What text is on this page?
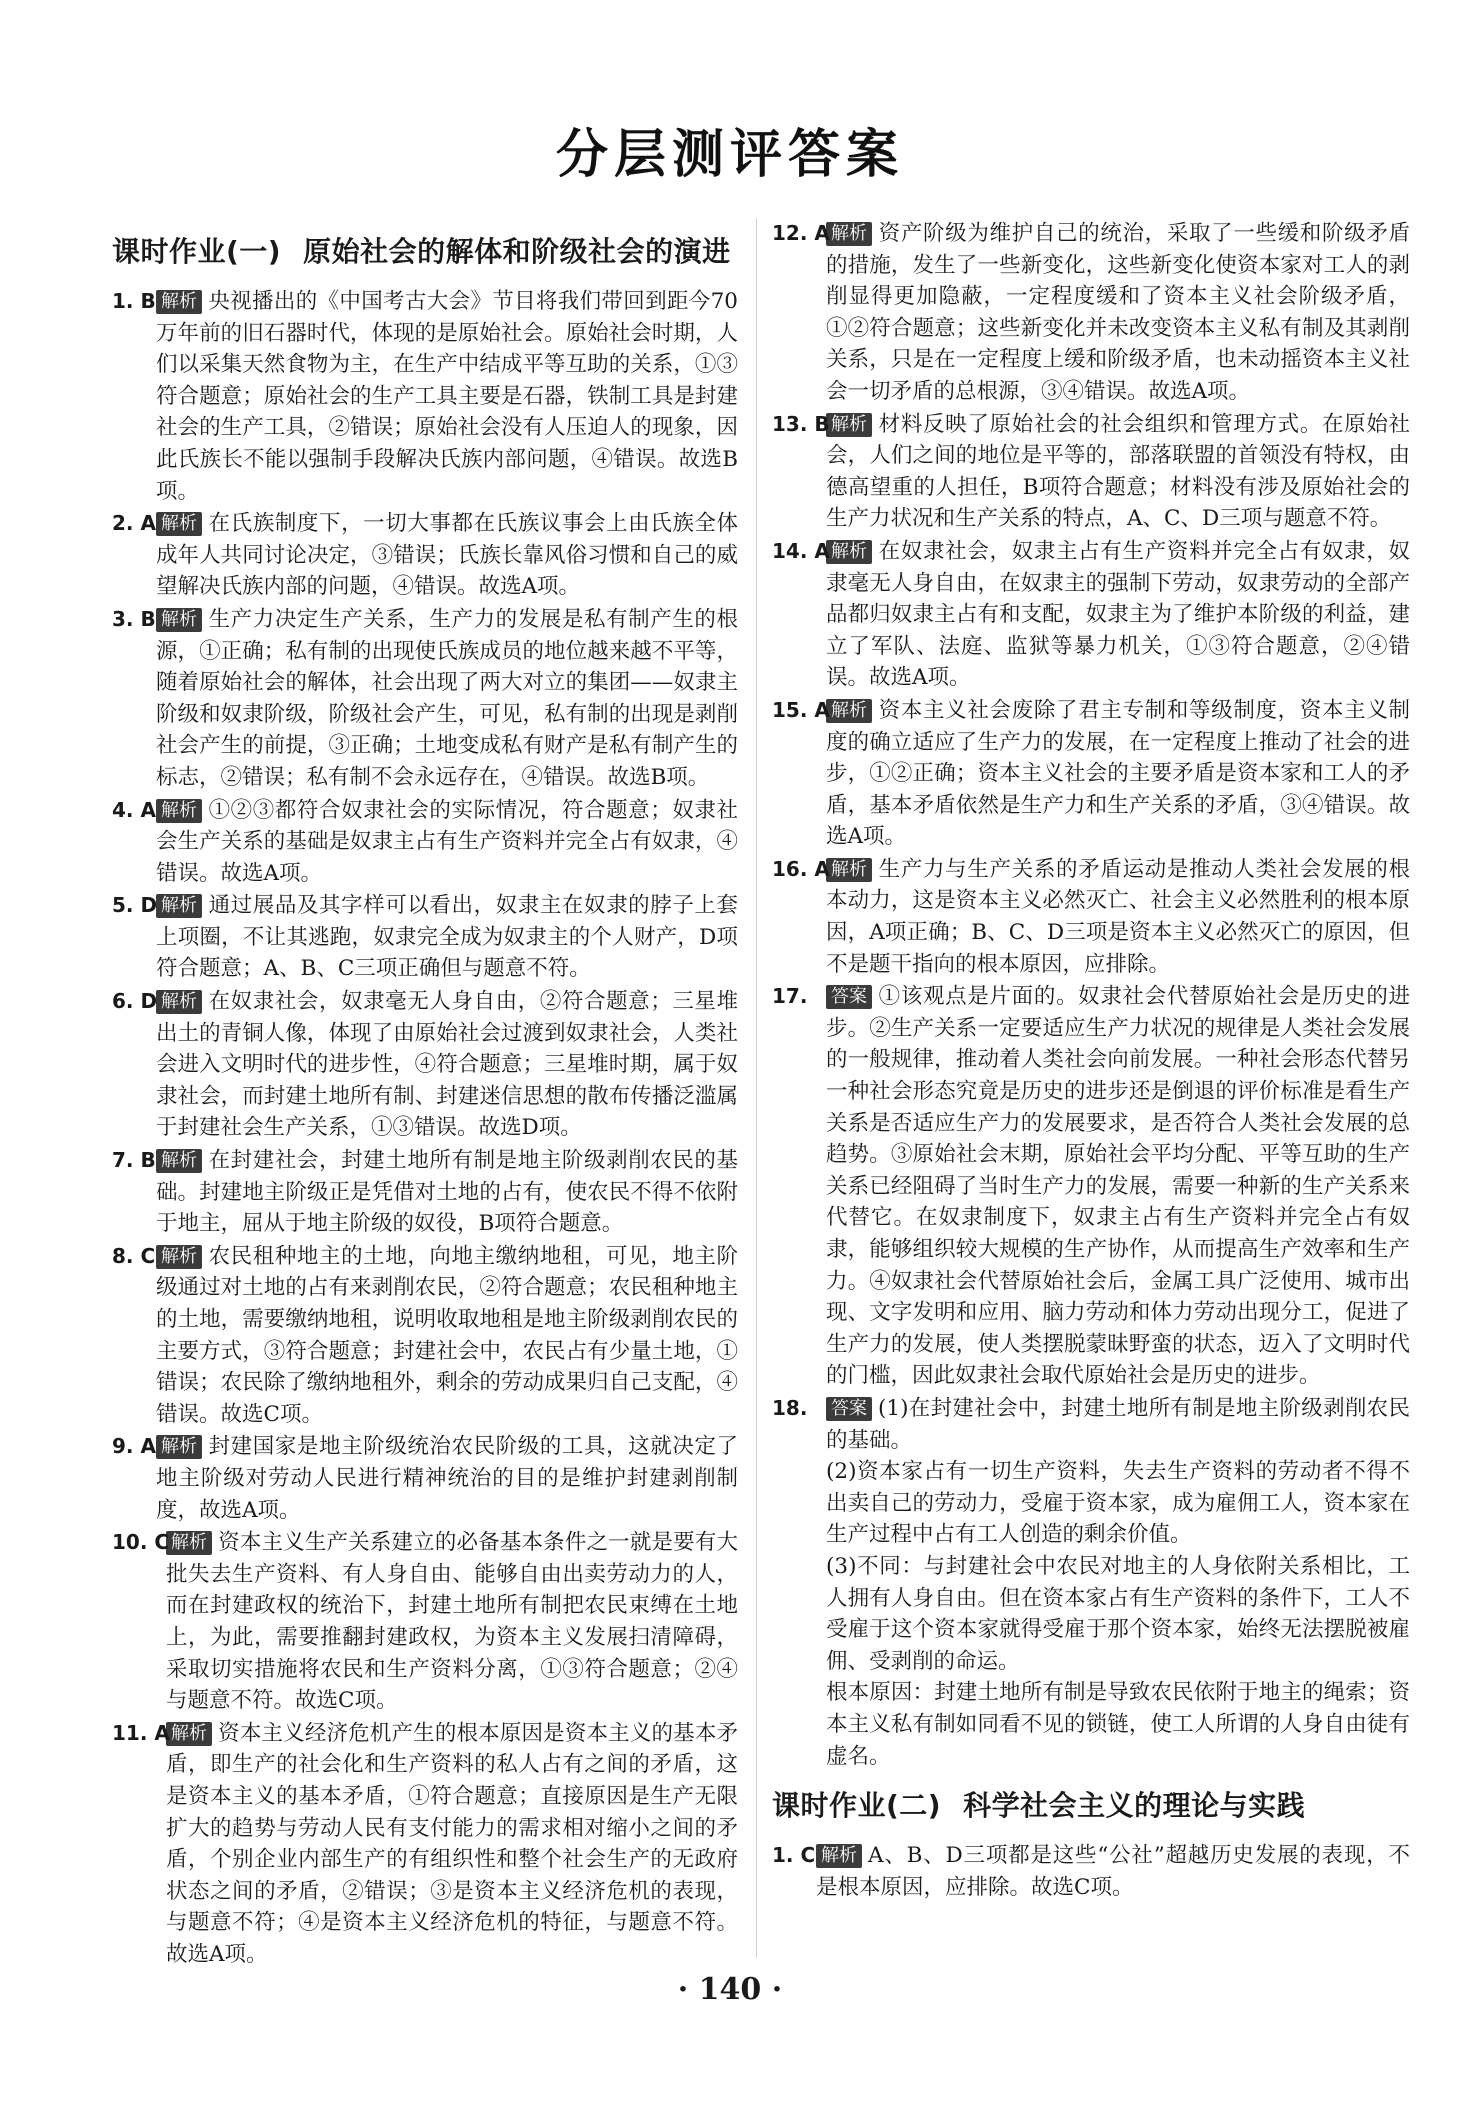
分层测评答案
课时作业(一) 原始社会的解体和阶级社会的演进
1. B 解析 央视播出的《中国考古大会》节目将我们带回到距今70万年前的旧石器时代，体现的是原始社会。原始社会时期，人们以采集天然食物为主，在生产中结成平等互助的关系，①③符合题意；原始社会的生产工具主要是石器，铁制工具是封建社会的生产工具，②错误；原始社会没有人压迫人的现象，因此氏族长不能以强制手段解决氏族内部问题，④错误。故选B项。
2. A 解析 在氏族制度下，一切大事都在氏族议事会上由氏族全体成年人共同讨论决定，③错误；氏族长靠风俗习惯和自己的威望解决氏族内部的问题，④错误。故选A项。
3. B 解析 生产力决定生产关系，生产力的发展是私有制产生的根源，①正确；私有制的出现使氏族成员的地位越来越不平等，随着原始社会的解体，社会出现了两大对立的集团——奴隶主阶级和奴隶阶级，阶级社会产生，可见，私有制的出现是剥削社会产生的前提，③正确；土地变成私有财产是私有制产生的标志，②错误；私有制不会永远存在，④错误。故选B项。
4. A 解析 ①②③都符合奴隶社会的实际情况，符合题意；奴隶社会生产关系的基础是奴隶主占有生产资料并完全占有奴隶，④错误。故选A项。
5. D 解析 通过展品及其字样可以看出，奴隶主在奴隶的脖子上套上项圈，不让其逃跑，奴隶完全成为奴隶主的个人财产，D项符合题意；A、B、C三项正确但与题意不符。
6. D 解析 在奴隶社会，奴隶毫无人身自由，②符合题意；三星堆出土的青铜人像，体现了由原始社会过渡到奴隶社会，人类社会进入文明时代的进步性，④符合题意；三星堆时期，属于奴隶社会，而封建土地所有制、封建迷信思想的散布传播泛滥属于封建社会生产关系，①③错误。故选D项。
7. B 解析 在封建社会，封建土地所有制是地主阶级剥削农民的基础。封建地主阶级正是凭借对土地的占有，使农民不得不依附于地主，屈从于地主阶级的奴役，B项符合题意。
8. C 解析 农民租种地主的土地，向地主缴纳地租，可见，地主阶级通过对土地的占有来剥削农民，②符合题意；农民租种地主的土地，需要缴纳地租，说明收取地租是地主阶级剥削农民的主要方式，③符合题意；封建社会中，农民占有少量土地，①错误；农民除了缴纳地租外，剩余的劳动成果归自己支配，④错误。故选C项。
9. A 解析 封建国家是地主阶级统治农民阶级的工具，这就决定了地主阶级对劳动人民进行精神统治的目的是维护封建剥削制度，故选A项。
10. C 解析 资本主义生产关系建立的必备基本条件之一就是要有大批失去生产资料、有人身自由、能够自由出卖劳动力的人，而在封建政权的统治下，封建土地所有制把农民束缚在土地上，为此，需要推翻封建政权，为资本主义发展扫清障碍，采取切实措施将农民和生产资料分离，①③符合题意；②④与题意不符。故选C项。
11. A 解析 资本主义经济危机产生的根本原因是资本主义的基本矛盾，即生产的社会化和生产资料的私人占有之间的矛盾，这是资本主义的基本矛盾，①符合题意；直接原因是生产无限扩大的趋势与劳动人民有支付能力的需求相对缩小之间的矛盾，个别企业内部生产的有组织性和整个社会生产的无政府状态之间的矛盾，②错误；③是资本主义经济危机的表现，与题意不符；④是资本主义经济危机的特征，与题意不符。故选A项。
12. A 解析 资产阶级为维护自己的统治，采取了一些缓和阶级矛盾的措施，发生了一些新变化，这些新变化使资本家对工人的剥削显得更加隐蔽，一定程度缓和了资本主义社会阶级矛盾，①②符合题意；这些新变化并未改变资本主义私有制及其剥削关系，只是在一定程度上缓和阶级矛盾，也未动摇资本主义社会一切矛盾的总根源，③④错误。故选A项。
13. B 解析 材料反映了原始社会的社会组织和管理方式。在原始社会，人们之间的地位是平等的，部落联盟的首领没有特权，由德高望重的人担任，B项符合题意；材料没有涉及原始社会的生产力状况和生产关系的特点，A、C、D三项与题意不符。
14. A 解析 在奴隶社会，奴隶主占有生产资料并完全占有奴隶，奴隶毫无人身自由，在奴隶主的强制下劳动，奴隶劳动的全部产品都归奴隶主占有和支配，奴隶主为了维护本阶级的利益，建立了军队、法庭、监狱等暴力机关，①③符合题意，②④错误。故选A项。
15. A 解析 资本主义社会废除了君主专制和等级制度，资本主义制度的确立适应了生产力的发展，在一定程度上推动了社会的进步，①②正确；资本主义社会的主要矛盾是资本家和工人的矛盾，基本矛盾依然是生产力和生产关系的矛盾，③④错误。故选A项。
16. A 解析 生产力与生产关系的矛盾运动是推动人类社会发展的根本动力，这是资本主义必然灭亡、社会主义必然胜利的根本原因，A项正确；B、C、D三项是资本主义必然灭亡的原因，但不是题干指向的根本原因，应排除。
17. 答案 ①该观点是片面的。奴隶社会代替原始社会是历史的进步。②生产关系一定要适应生产力状况的规律是人类社会发展的一般规律，推动着人类社会向前发展。一种社会形态代替另一种社会形态究竟是历史的进步还是倒退的评价标准是看生产关系是否适应生产力的发展要求，是否符合人类社会发展的总趋势。③原始社会末期，原始社会平均分配、平等互助的生产关系已经阻碍了当时生产力的发展，需要一种新的生产关系来代替它。在奴隶制度下，奴隶主占有生产资料并完全占有奴隶，能够组织较大规模的生产协作，从而提高生产效率和生产力。④奴隶社会代替原始社会后，金属工具广泛使用、城市出现、文字发明和应用、脑力劳动和体力劳动出现分工，促进了生产力的发展，使人类摆脱蒙昧野蛮的状态，迈入了文明时代的门槛，因此奴隶社会取代原始社会是历史的进步。
18. 答案 (1)在封建社会中，封建土地所有制是地主阶级剥削农民的基础。
(2)资本家占有一切生产资料，失去生产资料的劳动者不得不出卖自己的劳动力，受雇于资本家，成为雇佣工人，资本家在生产过程中占有工人创造的剩余价值。
(3)不同：与封建社会中农民对地主的人身依附关系相比，工人拥有人身自由。但在资本家占有生产资料的条件下，工人不受雇于这个资本家就得受雇于那个资本家，始终无法摆脱被雇佣、受剥削的命运。
根本原因：封建土地所有制是导致农民依附于地主的绳索；资本主义私有制如同看不见的锁链，使工人所谓的人身自由徒有虚名。
课时作业(二) 科学社会主义的理论与实践
1. C 解析 A、B、D三项都是这些“公社”超越历史发展的表现，不是根本原因，应排除。故选C项。
· 140 ·
